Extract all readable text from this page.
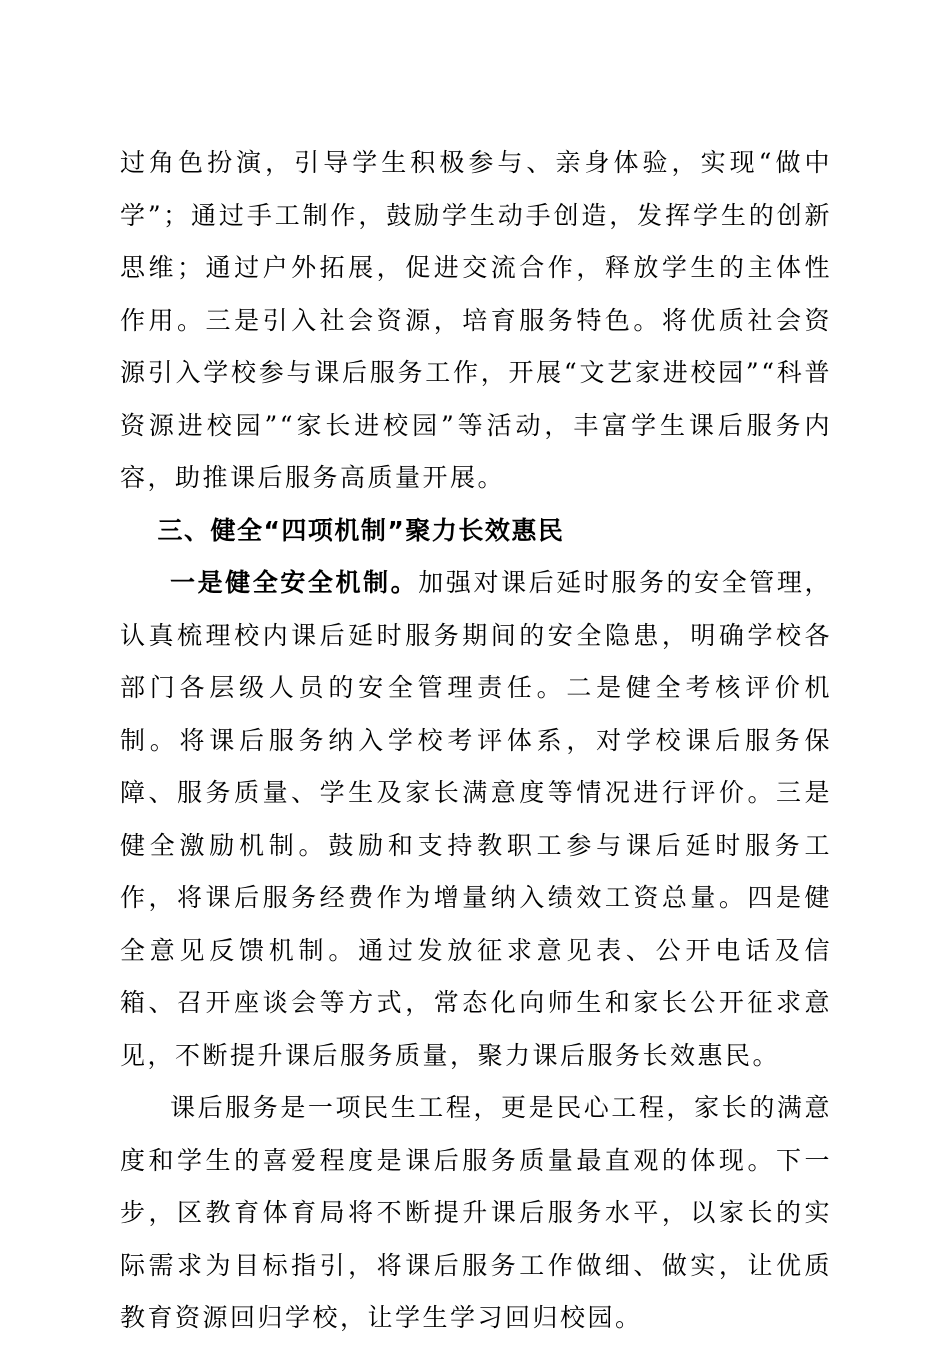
过角色扮演，引导学生积极参与、亲身体验，实现“做中学”；通过手工制作，鼓励学生动手创造，发挥学生的创新思维；通过户外拓展，促进交流合作，释放学生的主体性作用。三是引入社会资源，培育服务特色。将优质社会资源引入学校参与课后服务工作，开展“文艺家进校园”“科普资源进校园”“家长进校园”等活动，丰富学生课后服务内容，助推课后服务高质量开展。

三、健全“四项机制”聚力长效惠民

一是健全安全机制。加强对课后延时服务的安全管理，认真梳理校内课后延时服务期间的安全隐患，明确学校各部门各层级人员的安全管理责任。二是健全考核评价机制。将课后服务纳入学校考评体系，对学校课后服务保障、服务质量、学生及家长满意度等情况进行评价。三是健全激励机制。鼓励和支持教职工参与课后延时服务工作，将课后服务经费作为增量纳入绩效工资总量。四是健全意见反馈机制。通过发放征求意见表、公开电话及信箱、召开座谈会等方式，常态化向师生和家长公开征求意见，不断提升课后服务质量，聚力课后服务长效惠民。

课后服务是一项民生工程，更是民心工程，家长的满意度和学生的喜爱程度是课后服务质量最直观的体现。下一步，区教育体育局将不断提升课后服务水平，以家长的实际需求为目标指引，将课后服务工作做细、做实，让优质教育资源回归学校，让学生学习回归校园。
